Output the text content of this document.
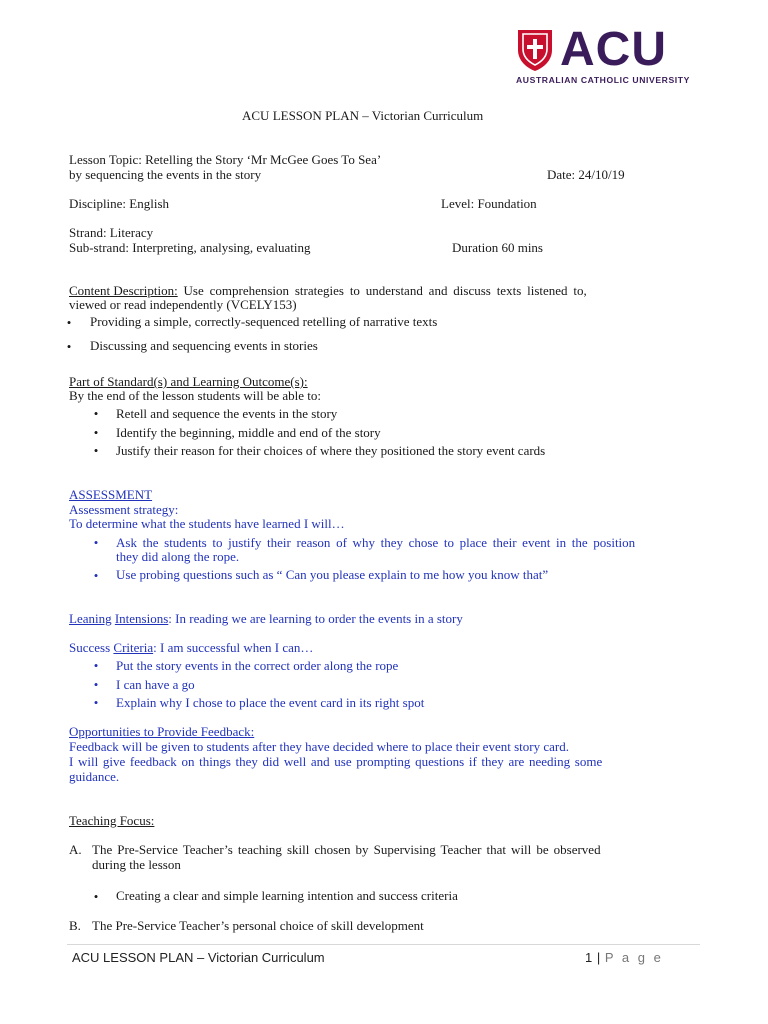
ACU
AUSTRALIAN CATHOLIC UNIVERSITY
ACU LESSON PLAN – Victorian Curriculum
Lesson Topic: Retelling the Story ‘Mr McGee Goes To Sea’
by sequencing the events in the story	Date: 24/10/19
Discipline: English	Level: Foundation
Strand: Literacy
Sub-strand: Interpreting, analysing, evaluating	Duration 60 mins
Content Description: Use comprehension strategies to understand and discuss texts listened to,
viewed or read independently (VCELY153)
• Providing a simple, correctly-sequenced retelling of narrative texts
• Discussing and sequencing events in stories
Part of Standard(s) and Learning Outcome(s):
By the end of the lesson students will be able to:
• Retell and sequence the events in the story
• Identify the beginning, middle and end of the story
• Justify their reason for their choices of where they positioned the story event cards
ASSESSMENT
Assessment strategy:
To determine what the students have learned I will…
• Ask the students to justify their reason of why they chose to place their event in the position
they did along the rope.
• Use probing questions such as “ Can you please explain to me how you know that”
Leaning Intensions: In reading we are learning to order the events in a story
Success Criteria: I am successful when I can…
• Put the story events in the correct order along the rope
• I can have a go
• Explain why I chose to place the event card in its right spot
Opportunities to Provide Feedback:
Feedback will be given to students after they have decided where to place their event story card.
I will give feedback on things they did well and use prompting questions if they are needing some
guidance.
Teaching Focus:
A. The Pre-Service Teacher’s teaching skill chosen by Supervising Teacher that will be observed
during the lesson
• Creating a clear and simple learning intention and success criteria
B. The Pre-Service Teacher’s personal choice of skill development
ACU LESSON PLAN – Victorian Curriculum	1 | P a g e
